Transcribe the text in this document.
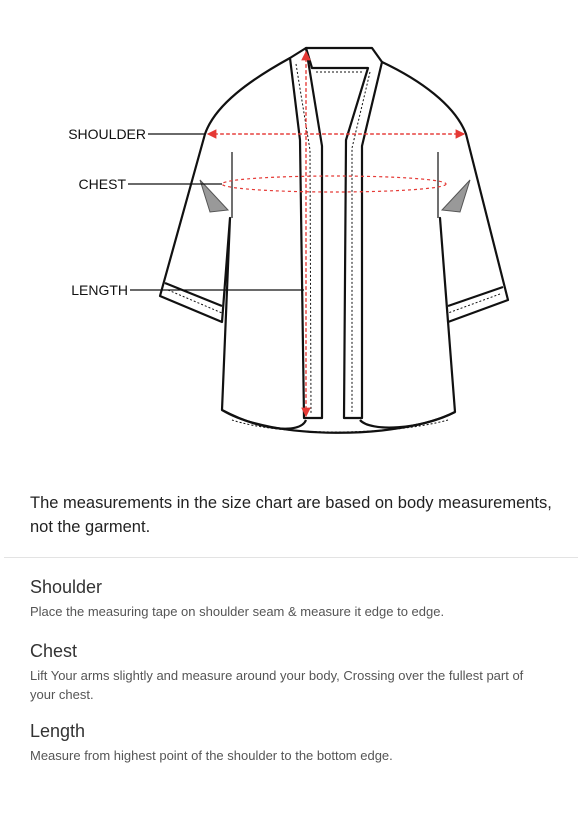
SHOULDER
CHEST
LENGTH

The measurements in the size chart are based on body measurements, not the garment.

Shoulder

Place the measuring tape on shoulder seam & measure it edge to edge.

Chest

Lift Your arms slightly and measure around your body, Crossing over the fullest part of your chest.

Length

Measure from highest point of the shoulder to the bottom edge.
